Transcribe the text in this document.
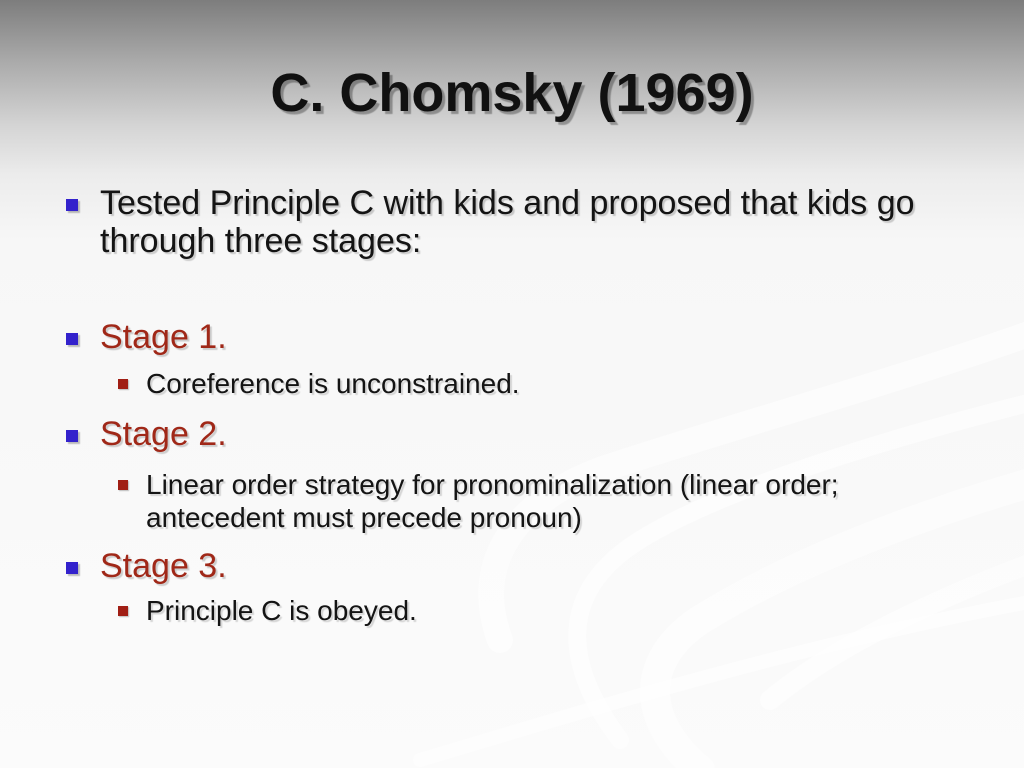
C. Chomsky (1969)
Tested Principle C with kids and proposed that kids go through three stages:
Stage 1.
Coreference is unconstrained.
Stage 2.
Linear order strategy for pronominalization (linear order; antecedent must precede pronoun)
Stage 3.
Principle C is obeyed.
